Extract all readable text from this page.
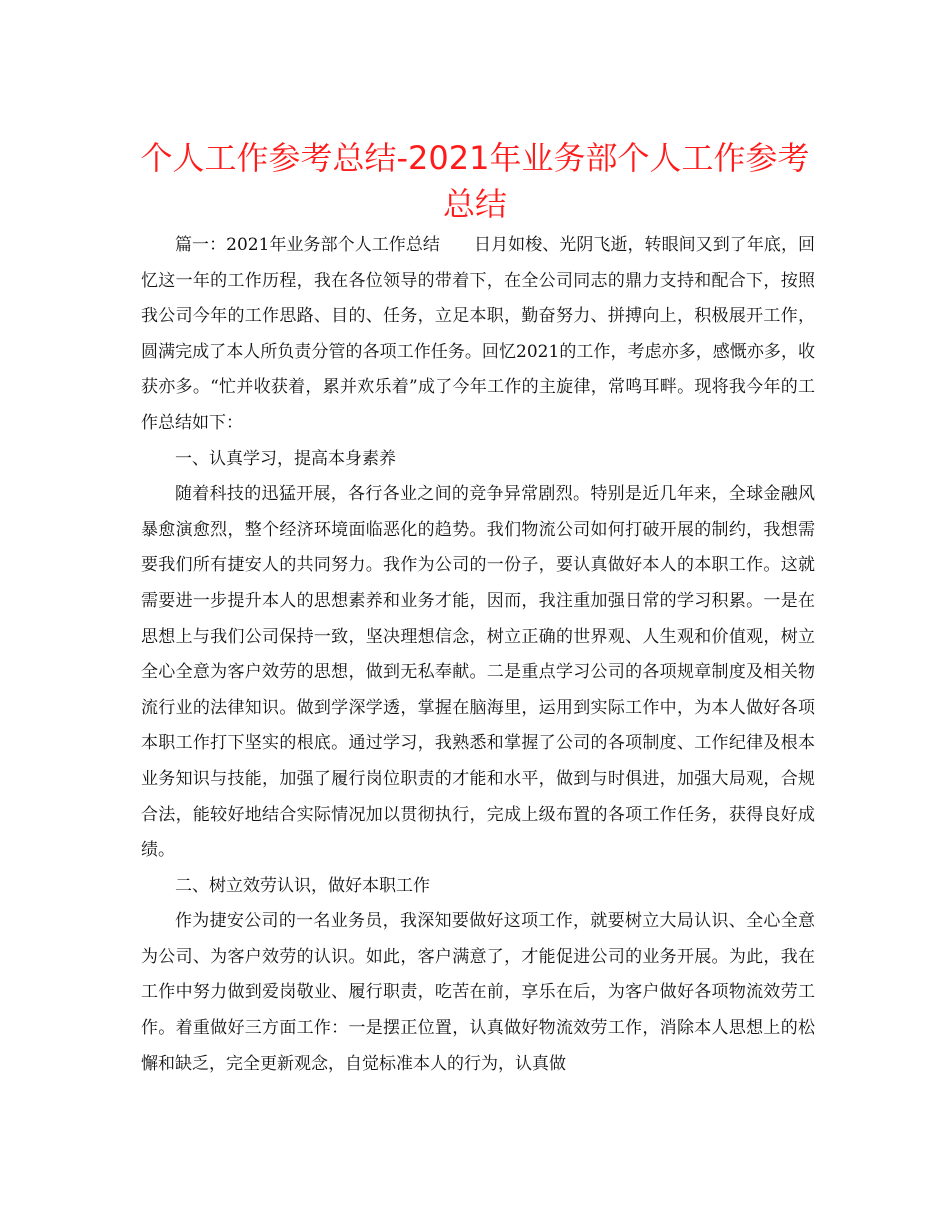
个人工作参考总结-2021年业务部个人工作参考
总结

篇一：2021年业务部个人工作总结　　日月如梭、光阴飞逝，转眼间又到了年底，回忆这一年的工作历程，我在各位领导的带着下，在全公司同志的鼎力支持和配合下，按照我公司今年的工作思路、目的、任务，立足本职，勤奋努力、拼搏向上，积极展开工作，圆满完成了本人所负责分管的各项工作任务。回忆2021的工作，考虑亦多，感慨亦多，收获亦多。“忙并收获着，累并欢乐着”成了今年工作的主旋律，常鸣耳畔。现将我今年的工作总结如下：

一、认真学习，提高本身素养

随着科技的迅猛开展，各行各业之间的竞争异常剧烈。特别是近几年来，全球金融风暴愈演愈烈，整个经济环境面临恶化的趋势。我们物流公司如何打破开展的制约，我想需要我们所有捷安人的共同努力。我作为公司的一份子，要认真做好本人的本职工作。这就需要进一步提升本人的思想素养和业务才能，因而，我注重加强日常的学习积累。一是在思想上与我们公司保持一致，坚决理想信念，树立正确的世界观、人生观和价值观，树立全心全意为客户效劳的思想，做到无私奉献。二是重点学习公司的各项规章制度及相关物流行业的法律知识。做到学深学透，掌握在脑海里，运用到实际工作中，为本人做好各项本职工作打下坚实的根底。通过学习，我熟悉和掌握了公司的各项制度、工作纪律及根本业务知识与技能，加强了履行岗位职责的才能和水平，做到与时俱进，加强大局观，合规合法，能较好地结合实际情况加以贯彻执行，完成上级布置的各项工作任务，获得良好成绩。

二、树立效劳认识，做好本职工作

作为捷安公司的一名业务员，我深知要做好这项工作，就要树立大局认识、全心全意为公司、为客户效劳的认识。如此，客户满意了，才能促进公司的业务开展。为此，我在工作中努力做到爱岗敬业、履行职责，吃苦在前，享乐在后，为客户做好各项物流效劳工作。着重做好三方面工作：一是摆正位置，认真做好物流效劳工作，消除本人思想上的松懈和缺乏，完全更新观念，自觉标准本人的行为，认真做
